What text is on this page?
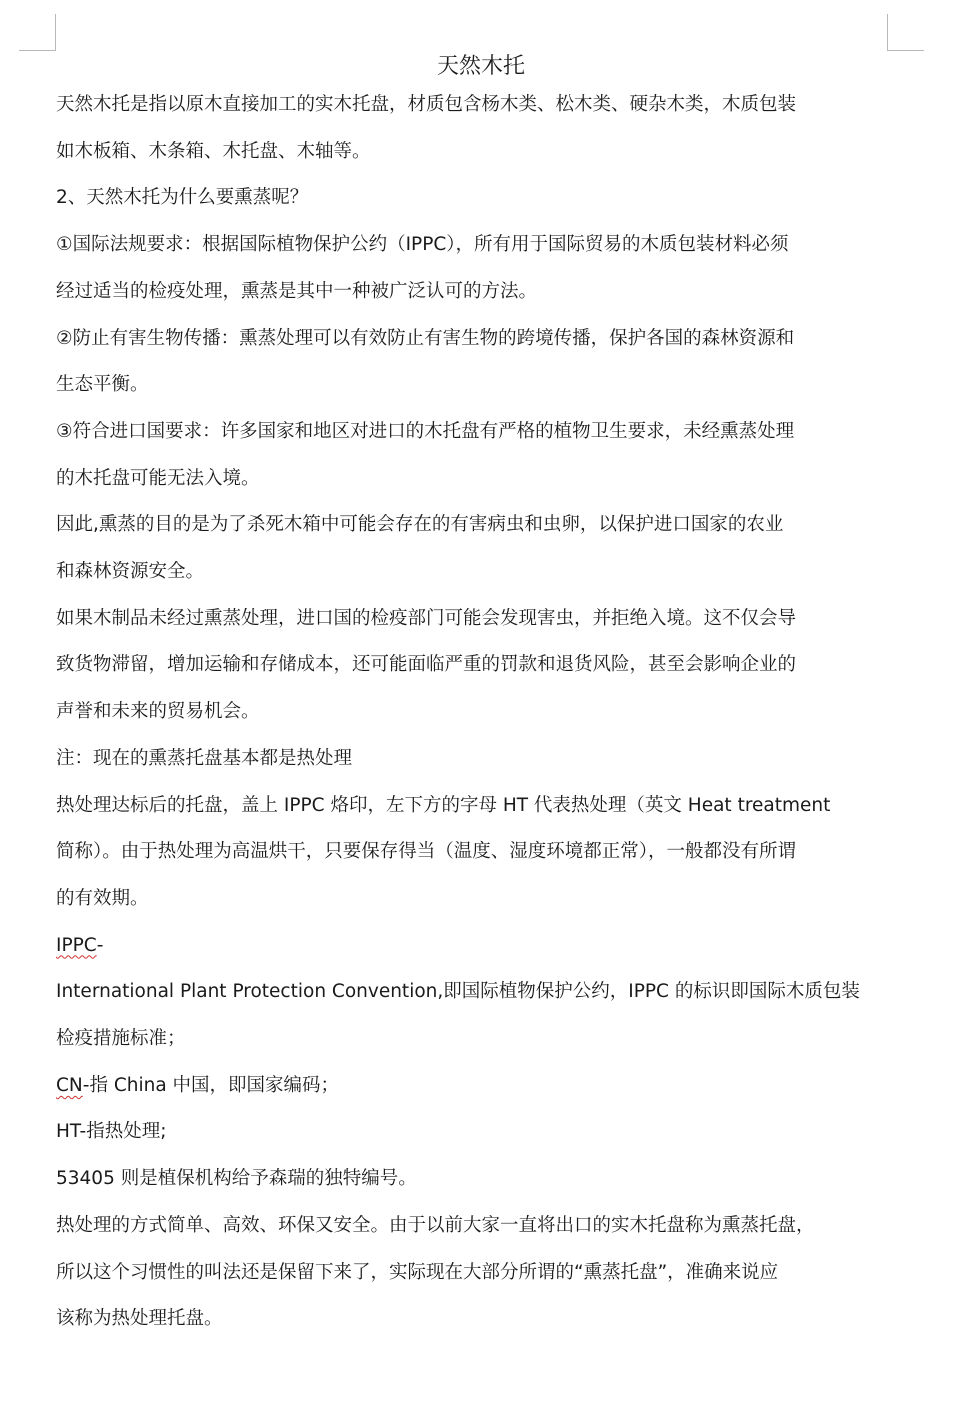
天然木托
天然木托是指以原木直接加工的实木托盘，材质包含杨木类、松木类、硬杂木类，木质包装
如木板箱、木条箱、木托盘、木轴等。
2、天然木托为什么要熏蒸呢？
①国际法规要求：根据国际植物保护公约（IPPC），所有用于国际贸易的木质包装材料必须
经过适当的检疫处理，熏蒸是其中一种被广泛认可的方法。
②防止有害生物传播：熏蒸处理可以有效防止有害生物的跨境传播，保护各国的森林资源和
生态平衡。
③符合进口国要求：许多国家和地区对进口的木托盘有严格的植物卫生要求，未经熏蒸处理
的木托盘可能无法入境。
因此,熏蒸的目的是为了杀死木箱中可能会存在的有害病虫和虫卵，以保护进口国家的农业
和森林资源安全。
如果木制品未经过熏蒸处理，进口国的检疫部门可能会发现害虫，并拒绝入境。这不仅会导
致货物滞留，增加运输和存储成本，还可能面临严重的罚款和退货风险，甚至会影响企业的
声誉和未来的贸易机会。
注：现在的熏蒸托盘基本都是热处理
热处理达标后的托盘，盖上 IPPC 烙印，左下方的字母 HT 代表热处理（英文 Heat treatment
简称）。由于热处理为高温烘干，只要保存得当（温度、湿度环境都正常），一般都没有所谓
的有效期。
IPPC-
International Plant Protection Convention,即国际植物保护公约，IPPC 的标识即国际木质包装
检疫措施标准；
CN-指 China 中国，即国家编码；
HT-指热处理;
53405 则是植保机构给予森瑞的独特编号。
热处理的方式简单、高效、环保又安全。由于以前大家一直将出口的实木托盘称为熏蒸托盘，
所以这个习惯性的叫法还是保留下来了，实际现在大部分所谓的“熏蒸托盘”，准确来说应
该称为热处理托盘。
